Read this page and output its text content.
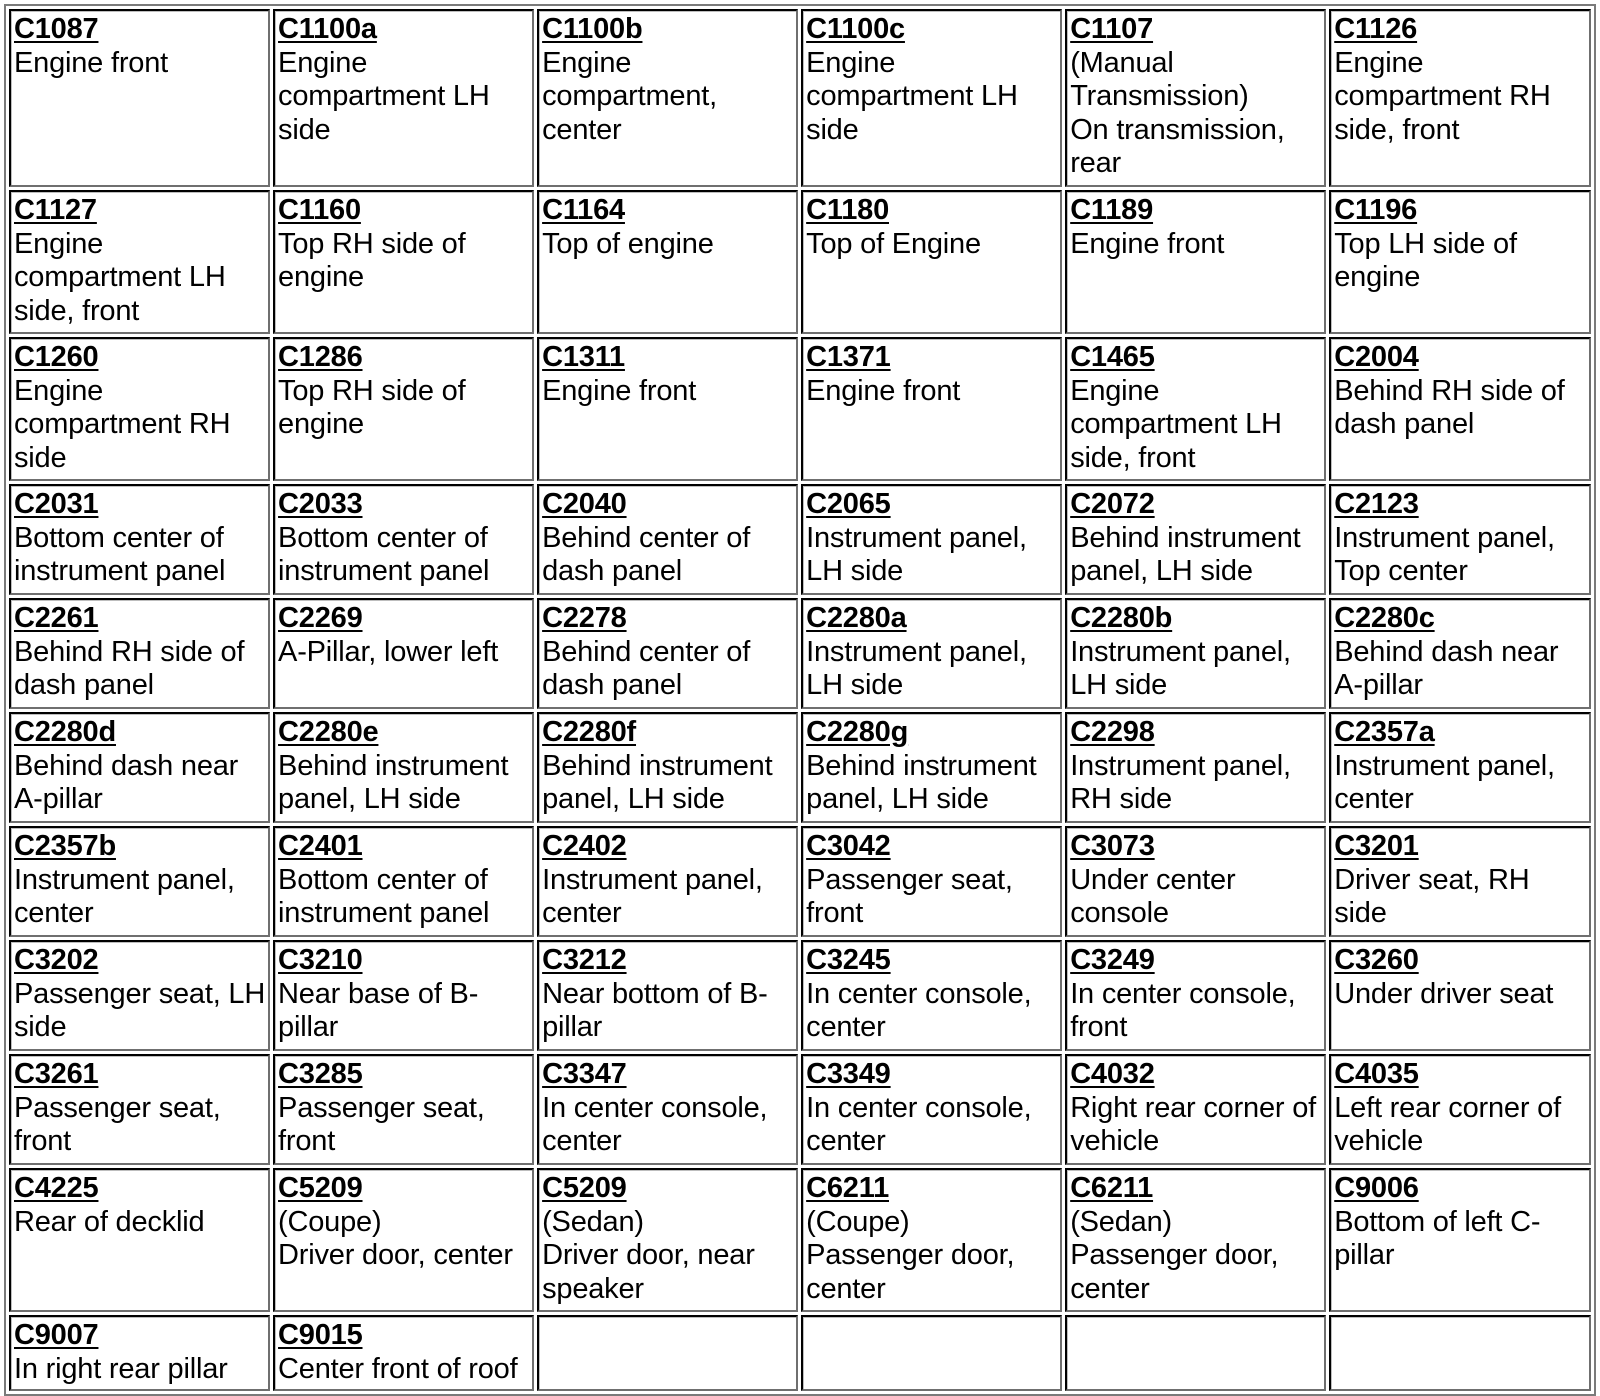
C1087
Engine front	C1100a
Engine compartment LH side	C1100b
Engine compartment, center	C1100c
Engine compartment LH side	C1107
(Manual Transmission)
On transmission, rear	C1126
Engine compartment RH side, front

C1127
Engine compartment LH side, front	C1160
Top RH side of engine	C1164
Top of engine	C1180
Top of Engine	C1189
Engine front	C1196
Top LH side of engine

C1260
Engine compartment RH side	C1286
Top RH side of engine	C1311
Engine front	C1371
Engine front	C1465
Engine compartment LH side, front	C2004
Behind RH side of dash panel

C2031
Bottom center of instrument panel	C2033
Bottom center of instrument panel	C2040
Behind center of dash panel	C2065
Instrument panel, LH side	C2072
Behind instrument panel, LH side	C2123
Instrument panel, Top center

C2261
Behind RH side of dash panel	C2269
A-Pillar, lower left	C2278
Behind center of dash panel	C2280a
Instrument panel, LH side	C2280b
Instrument panel, LH side	C2280c
Behind dash near A-pillar

C2280d
Behind dash near A-pillar	C2280e
Behind instrument panel, LH side	C2280f
Behind instrument panel, LH side	C2280g
Behind instrument panel, LH side	C2298
Instrument panel, RH side	C2357a
Instrument panel, center

C2357b
Instrument panel, center	C2401
Bottom center of instrument panel	C2402
Instrument panel, center	C3042
Passenger seat, front	C3073
Under center console	C3201
Driver seat, RH side

C3202
Passenger seat, LH side	C3210
Near base of B-pillar	C3212
Near bottom of B-pillar	C3245
In center console, center	C3249
In center console, front	C3260
Under driver seat

C3261
Passenger seat, front	C3285
Passenger seat, front	C3347
In center console, center	C3349
In center console, center	C4032
Right rear corner of vehicle	C4035
Left rear corner of vehicle

C4225
Rear of decklid	C5209
(Coupe)
Driver door, center	C5209
(Sedan)
Driver door, near speaker	C6211
(Coupe)
Passenger door, center	C6211
(Sedan)
Passenger door, center	C9006
Bottom of left C-pillar

C9007
In right rear pillar	C9015
Center front of roof				
